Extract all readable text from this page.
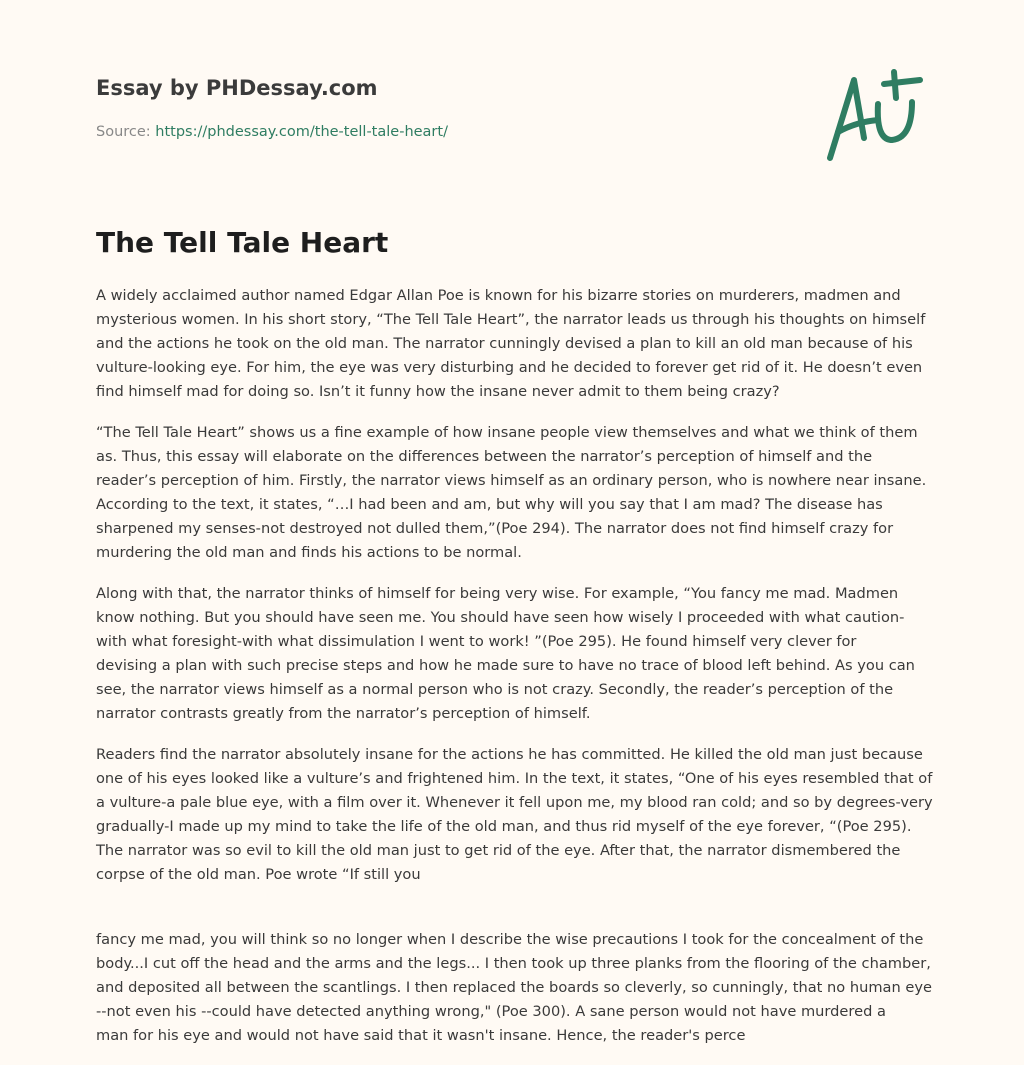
Essay by PHDessay.com
Source: https://phdessay.com/the-tell-tale-heart/
The Tell Tale Heart

A widely acclaimed author named Edgar Allan Poe is known for his bizarre stories on murderers, madmen and
mysterious women. In his short story, “The Tell Tale Heart”, the narrator leads us through his thoughts on himself
and the actions he took on the old man. The narrator cunningly devised a plan to kill an old man because of his
vulture-looking eye. For him, the eye was very disturbing and he decided to forever get rid of it. He doesn’t even
find himself mad for doing so. Isn’t it funny how the insane never admit to them being crazy?

“The Tell Tale Heart” shows us a fine example of how insane people view themselves and what we think of them
as. Thus, this essay will elaborate on the differences between the narrator’s perception of himself and the
reader’s perception of him. Firstly, the narrator views himself as an ordinary person, who is nowhere near insane.
According to the text, it states, “…I had been and am, but why will you say that I am mad? The disease has
sharpened my senses-not destroyed not dulled them,”(Poe 294). The narrator does not find himself crazy for
murdering the old man and finds his actions to be normal.

Along with that, the narrator thinks of himself for being very wise. For example, “You fancy me mad. Madmen
know nothing. But you should have seen me. You should have seen how wisely I proceeded with what caution-
with what foresight-with what dissimulation I went to work! ”(Poe 295). He found himself very clever for
devising a plan with such precise steps and how he made sure to have no trace of blood left behind. As you can
see, the narrator views himself as a normal person who is not crazy. Secondly, the reader’s perception of the
narrator contrasts greatly from the narrator’s perception of himself.

Readers find the narrator absolutely insane for the actions he has committed. He killed the old man just because
one of his eyes looked like a vulture’s and frightened him. In the text, it states, “One of his eyes resembled that of
a vulture-a pale blue eye, with a film over it. Whenever it fell upon me, my blood ran cold; and so by degrees-very
gradually-I made up my mind to take the life of the old man, and thus rid myself of the eye forever, “(Poe 295).
The narrator was so evil to kill the old man just to get rid of the eye. After that, the narrator dismembered the
corpse of the old man. Poe wrote “If still you

fancy me mad, you will think so no longer when I describe the wise precautions I took for the concealment of the
body...I cut off the head and the arms and the legs... I then took up three planks from the flooring of the chamber,
and deposited all between the scantlings. I then replaced the boards so cleverly, so cunningly, that no human eye
--not even his --could have detected anything wrong," (Poe 300). A sane person would not have murdered a
man for his eye and would not have said that it wasn't insane. Hence, the reader's perce
